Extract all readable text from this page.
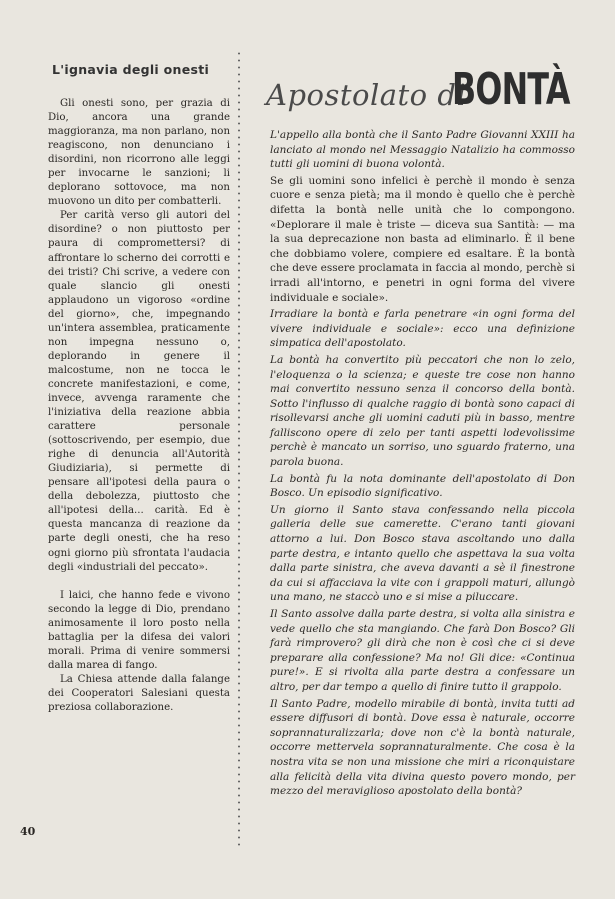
L'ignavia degli onesti

Gli onesti sono, per grazia di Dio, ancora una grande maggioranza, ma non parlano, non reagiscono, non denunciano i disordini, non ricorrono alle leggi per invocarne le sanzioni; li deplorano sottovoce, ma non muovono un dito per combatterli.

Per carità verso gli autori del disordine? o non piuttosto per paura di compromettersi? di affrontare lo scherno dei corrotti e dei tristi? Chi scrive, a vedere con quale slancio gli onesti applaudono un vigoroso «ordine del giorno», che, impegnando un'intera assemblea, praticamente non impegna nessuno o, deplorando in genere il malcostume, non ne tocca le concrete manifestazioni, e come, invece, avvenga raramente che l'iniziativa della reazione abbia carattere personale (sottoscrivendo, per esempio, due righe di denuncia all'Autorità Giudiziaria), si permette di pensare all'ipotesi della paura o della debolezza, piuttosto che all'ipotesi della... carità. Ed è questa mancanza di reazione da parte degli onesti, che ha reso ogni giorno più sfrontata l'audacia degli «industriali del peccato».

I laici, che hanno fede e vivono secondo la legge di Dio, prendano animosamente il loro posto nella battaglia per la difesa dei valori morali. Prima di venire sommersi dalla marea di fango.

La Chiesa attende dalla falange dei Cooperatori Salesiani questa preziosa collaborazione.

Apostolato di
BONTÀ

L'appello alla bontà che il Santo Padre Giovanni XXIII ha lanciato al mondo nel Messaggio Natalizio ha commosso tutti gli uomini di buona volontà.

Se gli uomini sono infelici è perchè il mondo è senza cuore e senza pietà; ma il mondo è quello che è perchè difetta la bontà nelle unità che lo compongono. «Deplorare il male è triste — diceva sua Santità: — ma la sua deprecazione non basta ad eliminarlo. È il bene che dobbiamo volere, compiere ed esaltare. È la bontà che deve essere proclamata in faccia al mondo, perchè si irradi all'intorno, e penetri in ogni forma del vivere individuale e sociale».

Irradiare la bontà e farla penetrare «in ogni forma del vivere individuale e sociale»: ecco una definizione simpatica dell'apostolato.

La bontà ha convertito più peccatori che non lo zelo, l'eloquenza o la scienza; e queste tre cose non hanno mai convertito nessuno senza il concorso della bontà. Sotto l'influsso di qualche raggio di bontà sono capaci di risollevarsi anche gli uomini caduti più in basso, mentre falliscono opere di zelo per tanti aspetti lodevolissime perchè è mancato un sorriso, uno sguardo fraterno, una parola buona.

La bontà fu la nota dominante dell'apostolato di Don Bosco. Un episodio significativo.

Un giorno il Santo stava confessando nella piccola galleria delle sue camerette. C'erano tanti giovani attorno a lui. Don Bosco stava ascoltando uno dalla parte destra, e intanto quello che aspettava la sua volta dalla parte sinistra, che aveva davanti a sè il finestrone da cui si affacciava la vite con i grappoli maturi, allungò una mano, ne staccò uno e si mise a piluccare.

Il Santo assolve dalla parte destra, si volta alla sinistra e vede quello che sta mangiando. Che farà Don Bosco? Gli farà rimprovero? gli dirà che non è così che ci si deve preparare alla confessione? Ma no! Gli dice: «Continua pure!». E si rivolta alla parte destra a confessare un altro, per dar tempo a quello di finire tutto il grappolo.

Il Santo Padre, modello mirabile di bontà, invita tutti ad essere diffusori di bontà. Dove essa è naturale, occorre soprannaturalizzarla; dove non c'è la bontà naturale, occorre mettervela soprannaturalmente. Che cosa è la nostra vita se non una missione che miri a riconquistare alla felicità della vita divina questo povero mondo, per mezzo del meraviglioso apostolato della bontà?

40
